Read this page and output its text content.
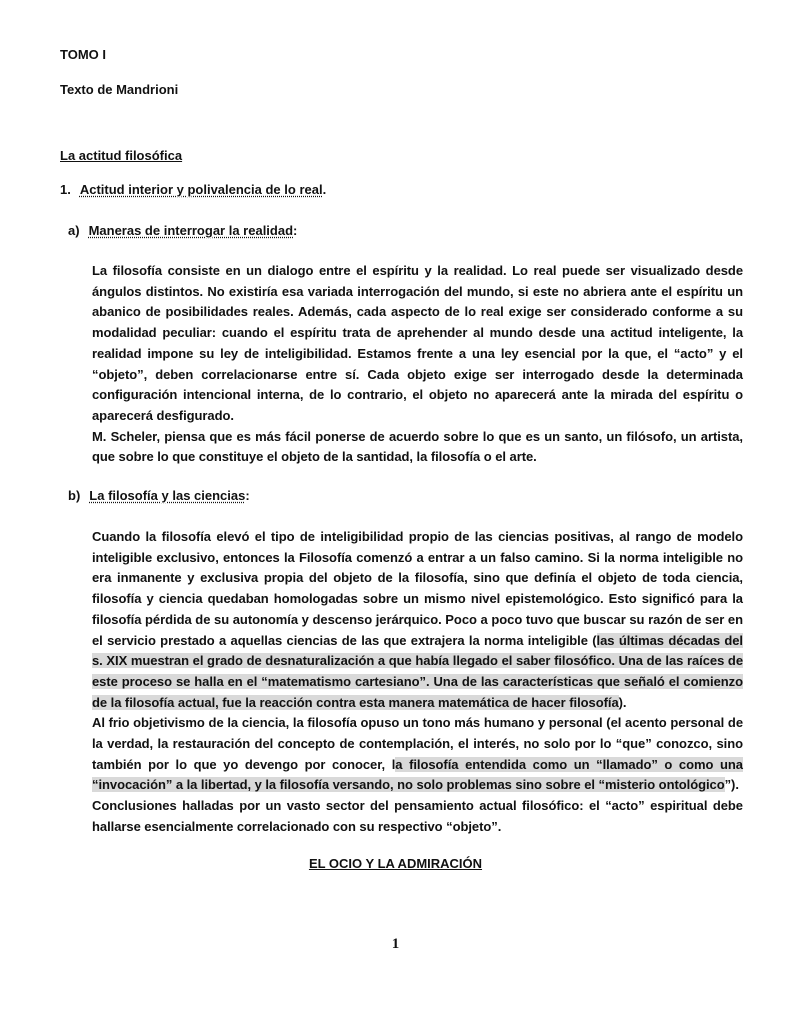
TOMO I
Texto de Mandrioni
La actitud filosófica
1. Actitud interior y polivalencia de lo real.
a) Maneras de interrogar la realidad:
La filosofía consiste en un dialogo entre el espíritu y la realidad. Lo real puede ser visualizado desde ángulos distintos. No existiría esa variada interrogación del mundo, si este no abriera ante el espíritu un abanico de posibilidades reales. Además, cada aspecto de lo real exige ser considerado conforme a su modalidad peculiar: cuando el espíritu trata de aprehender al mundo desde una actitud inteligente, la realidad impone su ley de inteligibilidad. Estamos frente a una ley esencial por la que, el “acto” y el “objeto”, deben correlacionarse entre sí. Cada objeto exige ser interrogado desde la determinada configuración intencional interna, de lo contrario, el objeto no aparecerá ante la mirada del espíritu o aparecerá desfigurado.
M. Scheler, piensa que es más fácil ponerse de acuerdo sobre lo que es un santo, un filósofo, un artista, que sobre lo que constituye el objeto de la santidad, la filosofía o el arte.
b) La filosofía y las ciencias:
Cuando la filosofía elevó el tipo de inteligibilidad propio de las ciencias positivas, al rango de modelo inteligible exclusivo, entonces la Filosofía comenzó a entrar a un falso camino. Si la norma inteligible no era inmanente y exclusiva propia del objeto de la filosofía, sino que definía el objeto de toda ciencia, filosofía y ciencia quedaban homologadas sobre un mismo nivel epistemológico. Esto significó para la filosofía pérdida de su autonomía y descenso jerárquico. Poco a poco tuvo que buscar su razón de ser en el servicio prestado a aquellas ciencias de las que extrajera la norma inteligible (las últimas décadas del s. XIX muestran el grado de desnaturalización a que había llegado el saber filosófico. Una de las raíces de este proceso se halla en el “matematismo cartesiano”. Una de las características que señaló el comienzo de la filosofía actual, fue la reacción contra esta manera matemática de hacer filosofía).
Al frio objetivismo de la ciencia, la filosofía opuso un tono más humano y personal (el acento personal de la verdad, la restauración del concepto de contemplación, el interés, no solo por lo “que” conozco, sino también por lo que yo devengo por conocer, la filosofía entendida como un “llamado” o como una “invocación” a la libertad, y la filosofía versando, no solo problemas sino sobre el “misterio ontológico”).
Conclusiones halladas por un vasto sector del pensamiento actual filosófico: el “acto” espiritual debe hallarse esencialmente correlacionado con su respectivo “objeto”.
EL OCIO Y LA ADMIRACIÓN
1
